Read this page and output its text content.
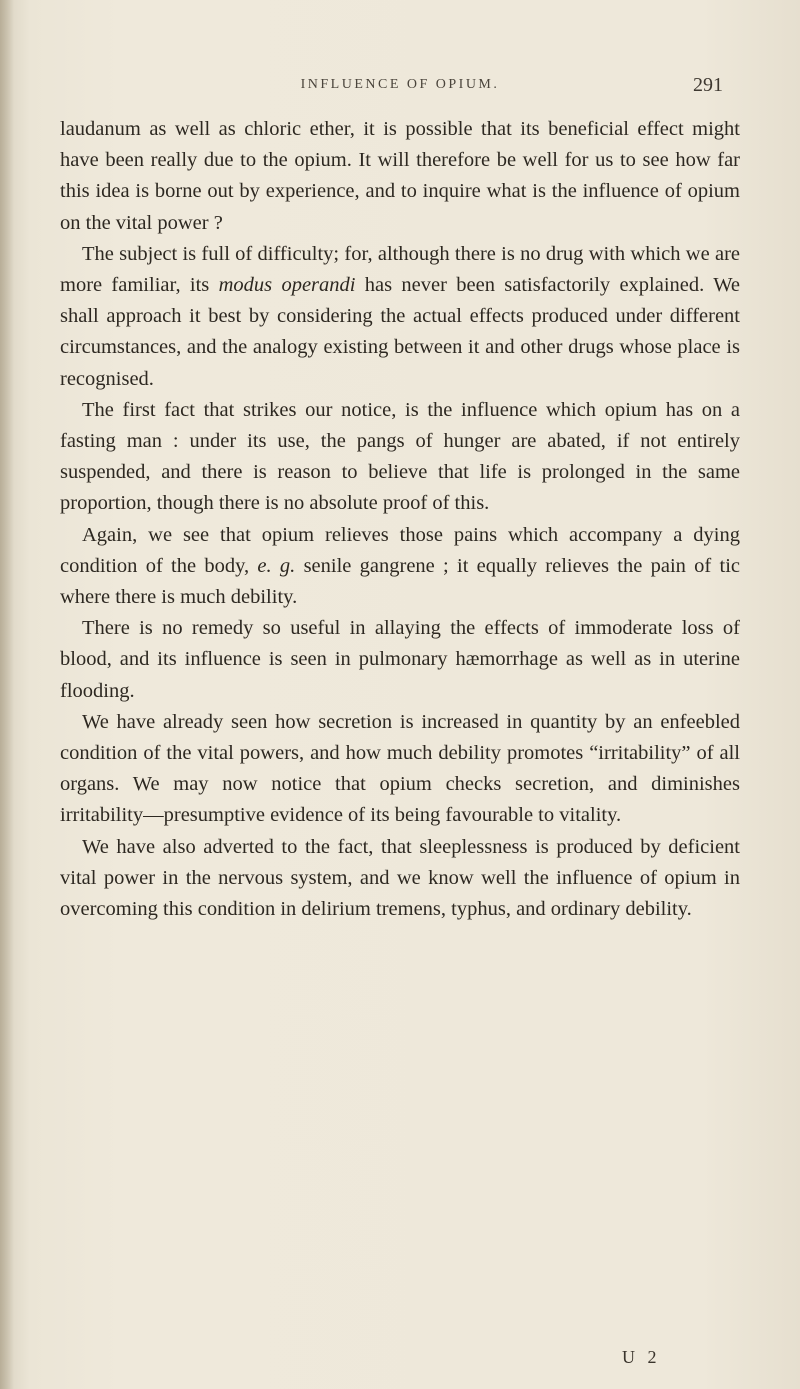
INFLUENCE OF OPIUM.	291

laudanum as well as chloric ether, it is possible that its beneficial effect might have been really due to the opium. It will therefore be well for us to see how far this idea is borne out by experience, and to inquire what is the influence of opium on the vital power ?

The subject is full of difficulty; for, although there is no drug with which we are more familiar, its modus operandi has never been satisfactorily explained. We shall approach it best by considering the actual effects produced under different circumstances, and the analogy existing between it and other drugs whose place is recognised.

The first fact that strikes our notice, is the influence which opium has on a fasting man : under its use, the pangs of hunger are abated, if not entirely suspended, and there is reason to believe that life is prolonged in the same proportion, though there is no absolute proof of this.

Again, we see that opium relieves those pains which accompany a dying condition of the body, e. g. senile gangrene ; it equally relieves the pain of tic where there is much debility.

There is no remedy so useful in allaying the effects of immoderate loss of blood, and its influence is seen in pulmonary hæmorrhage as well as in uterine flooding.

We have already seen how secretion is increased in quantity by an enfeebled condition of the vital powers, and how much debility promotes “irritability” of all organs. We may now notice that opium checks secretion, and diminishes irritability—presumptive evidence of its being favourable to vitality.

We have also adverted to the fact, that sleeplessness is produced by deficient vital power in the nervous system, and we know well the influence of opium in overcoming this condition in delirium tremens, typhus, and ordinary debility.

U 2
